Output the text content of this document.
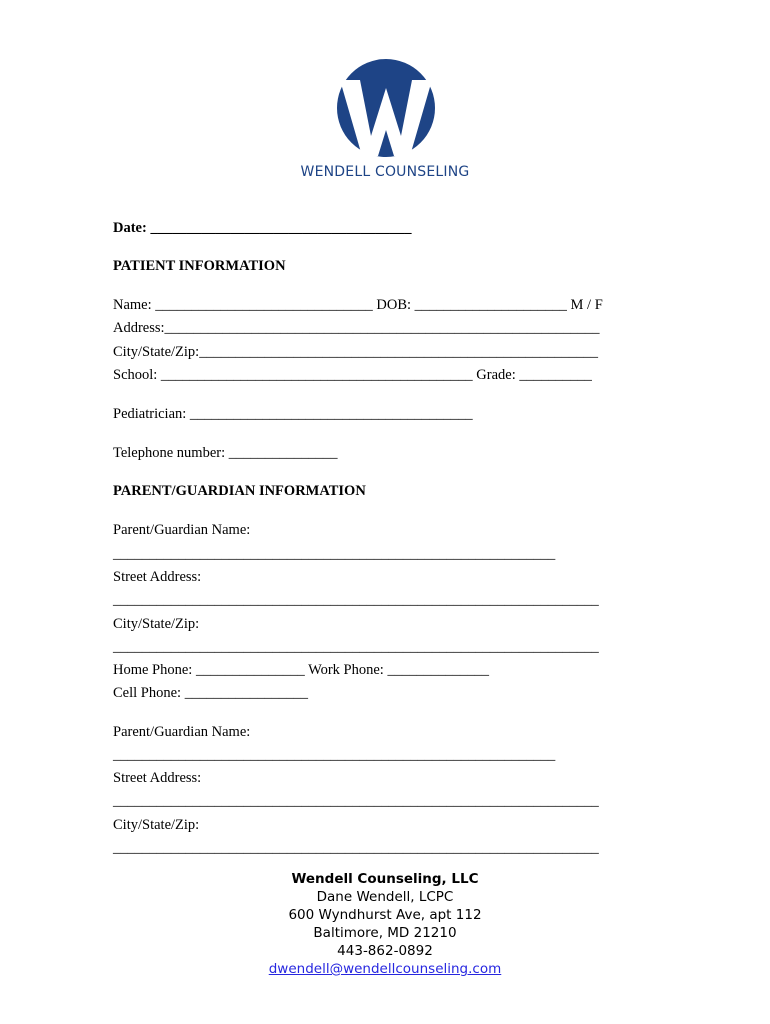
WENDELL COUNSELING
Date: ____________________________________
PATIENT INFORMATION
Name: ______________________________ DOB: _____________________ M / F
Address:____________________________________________________________
City/State/Zip:_______________________________________________________
School: ___________________________________________ Grade: __________
Pediatrician: _______________________________________
Telephone number: _______________
PARENT/GUARDIAN INFORMATION
Parent/Guardian Name:
_____________________________________________________________
Street Address:
___________________________________________________________________
City/State/Zip:
___________________________________________________________________
Home Phone: _______________ Work Phone: ______________
Cell Phone: _________________
Parent/Guardian Name:
_____________________________________________________________
Street Address:
___________________________________________________________________
City/State/Zip:
___________________________________________________________________
Wendell Counseling, LLC
Dane Wendell, LCPC
600 Wyndhurst Ave, apt 112
Baltimore, MD 21210
443-862-0892
dwendell@wendellcounseling.com
